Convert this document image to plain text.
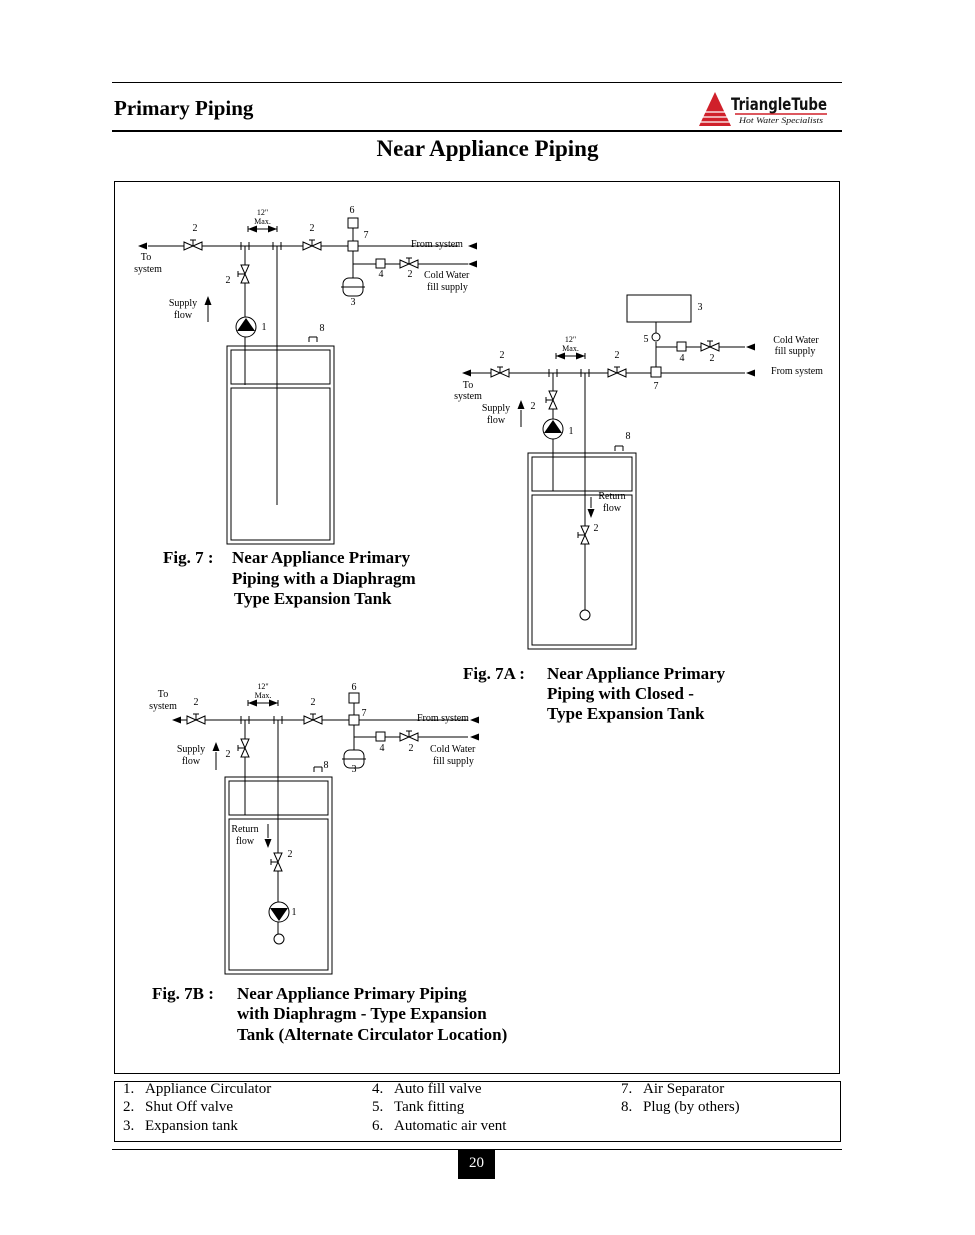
Primary Piping	TriangleTube
Hot Water Specialists
Near Appliance Piping
12"
Max.
2	2
6
7
3
4 2
From system
Cold Water
fill supply
To
system
2
1
Supply
flow
8
12"
Max.
2	2
7
5
3
4	2
Cold Water
fill supply
From system
To
system
2
1
Supply
flow
2
Return
flow
8
12"
Max.
2	2
To
system
6
7
3
4 2
From system
Cold Water
fill supply
2
Supply
flow	8
2
1
Return
flow
Fig. 7 : Near Appliance Primary
Piping with a Diaphragm
Type Expansion Tank
Fig. 7A : Near Appliance Primary
Piping with Closed -
Type Expansion Tank
Fig. 7B : Near Appliance Primary Piping
with Diaphragm - Type Expansion
Tank (Alternate Circulator Location)
1. Appliance Circulator
2. Shut Off valve
3. Expansion tank
4. Auto fill valve
5. Tank fitting
6. Automatic air vent
7. Air Separator
8. Plug (by others)
20
